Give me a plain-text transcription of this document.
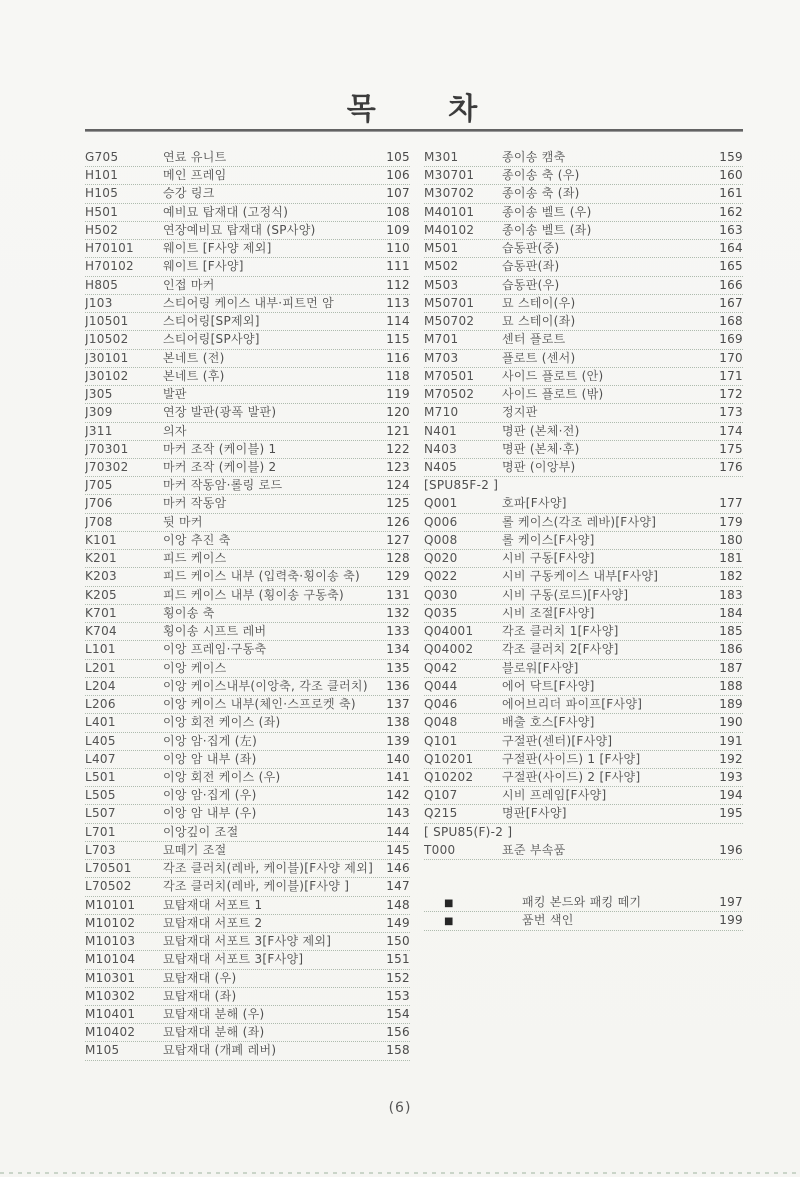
목 차
G705	연료 유니트	105
H101	메인 프레임	106
H105	승강 링크	107
H501	예비묘 탑재대 (고정식)	108
H502	연장예비묘 탑재대 (SP사양)	109
H70101	웨이트 [F사양 제외]	110
H70102	웨이트 [F사양]	111
H805	인접 마커	112
J103	스티어링 케이스 내부·피트먼 암	113
J10501	스티어링[SP제외]	114
J10502	스티어링[SP사양]	115
J30101	본네트 (전)	116
J30102	본네트 (후)	118
J305	발판	119
J309	연장 발판(광폭 발판)	120
J311	의자	121
J70301	마커 조작 (케이블) 1	122
J70302	마커 조작 (케이블) 2	123
J705	마커 작동암·롤링 로드	124
J706	마커 작동암	125
J708	뒷 마커	126
K101	이앙 추진 축	127
K201	피드 케이스	128
K203	피드 케이스 내부 (입력축·횡이송 축)	129
K205	피드 케이스 내부 (횡이송 구동축)	131
K701	횡이송 축	132
K704	횡이송 시프트 레버	133
L101	이앙 프레임·구동축	134
L201	이앙 케이스	135
L204	이앙 케이스내부(이앙축, 각조 클러치)	136
L206	이앙 케이스 내부(체인·스프로켓 축)	137
L401	이앙 회전 케이스 (좌)	138
L405	이앙 암·집게 (左)	139
L407	이앙 암 내부 (좌)	140
L501	이앙 회전 케이스 (우)	141
L505	이앙 암·집게 (우)	142
L507	이앙 암 내부 (우)	143
L701	이앙깊이 조절	144
L703	묘떼기 조절	145
L70501	각조 클러치(레바, 케이블)[F사양 제외]	146
L70502	각조 클러치(레바, 케이블)[F사양 ]	147
M10101	묘탑재대 서포트 1	148
M10102	묘탑재대 서포트 2	149
M10103	묘탑재대 서포트 3[F사양 제외]	150
M10104	묘탑재대 서포트 3[F사양]	151
M10301	묘탑재대 (우)	152
M10302	묘탑재대 (좌)	153
M10401	묘탑재대 분해 (우)	154
M10402	묘탑재대 분해 (좌)	156
M105	묘탑재대 (개폐 레버)	158
M301	종이송 캠축	159
M30701	종이송 축 (우)	160
M30702	종이송 축 (좌)	161
M40101	종이송 벨트 (우)	162
M40102	종이송 벨트 (좌)	163
M501	습동판(중)	164
M502	습동판(좌)	165
M503	습동판(우)	166
M50701	묘 스테이(우)	167
M50702	묘 스테이(좌)	168
M701	센터 플로트	169
M703	플로트 (센서)	170
M70501	사이드 플로트 (안)	171
M70502	사이드 플로트 (밖)	172
M710	정지판	173
N401	명판 (본체·전)	174
N403	명판 (본체·후)	175
N405	명판 (이앙부)	176
[SPU85F-2 ]
Q001	호파[F사양]	177
Q006	롤 케이스(각조 레바)[F사양]	179
Q008	롤 케이스[F사양]	180
Q020	시비 구동[F사양]	181
Q022	시비 구동케이스 내부[F사양]	182
Q030	시비 구동(로드)[F사양]	183
Q035	시비 조절[F사양]	184
Q04001	각조 클러치 1[F사양]	185
Q04002	각조 클러치 2[F사양]	186
Q042	블로워[F사양]	187
Q044	에어 닥트[F사양]	188
Q046	에어브리더 파이프[F사양]	189
Q048	배출 호스[F사양]	190
Q101	구절판(센터)[F사양]	191
Q10201	구절판(사이드) 1 [F사양]	192
Q10202	구절판(사이드) 2 [F사양]	193
Q107	시비 프레임[F사양]	194
Q215	명판[F사양]	195
[ SPU85(F)-2 ]
T000	표준 부속품	196
■	패킹 본드와 패킹 떼기	197
■	품번 색인	199
(6)
